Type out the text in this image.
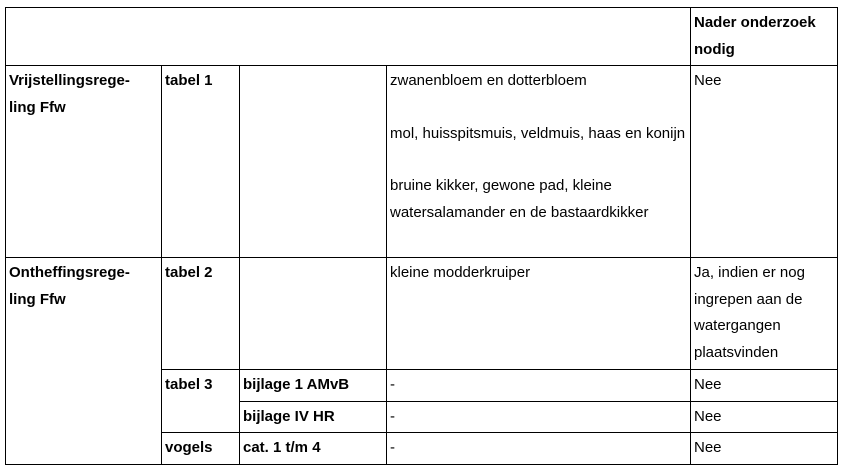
				Nader onderzoek nodig

Vrijstellingsrege-
ling Ffw	tabel 1		zwanenbloem en dotterbloem
mol, huisspitsmuis, veldmuis, haas en konijn
bruine kikker, gewone pad, kleine watersalamander en de bastaardkikker	Nee

Ontheffingsrege-
ling Ffw	tabel 2		kleine modderkruiper	Ja, indien er nog ingrepen aan de watergangen plaatsvinden
	tabel 3	bijlage 1 AMvB	-	Nee
		bijlage IV HR	-	Nee
	vogels	cat. 1 t/m 4	-	Nee
